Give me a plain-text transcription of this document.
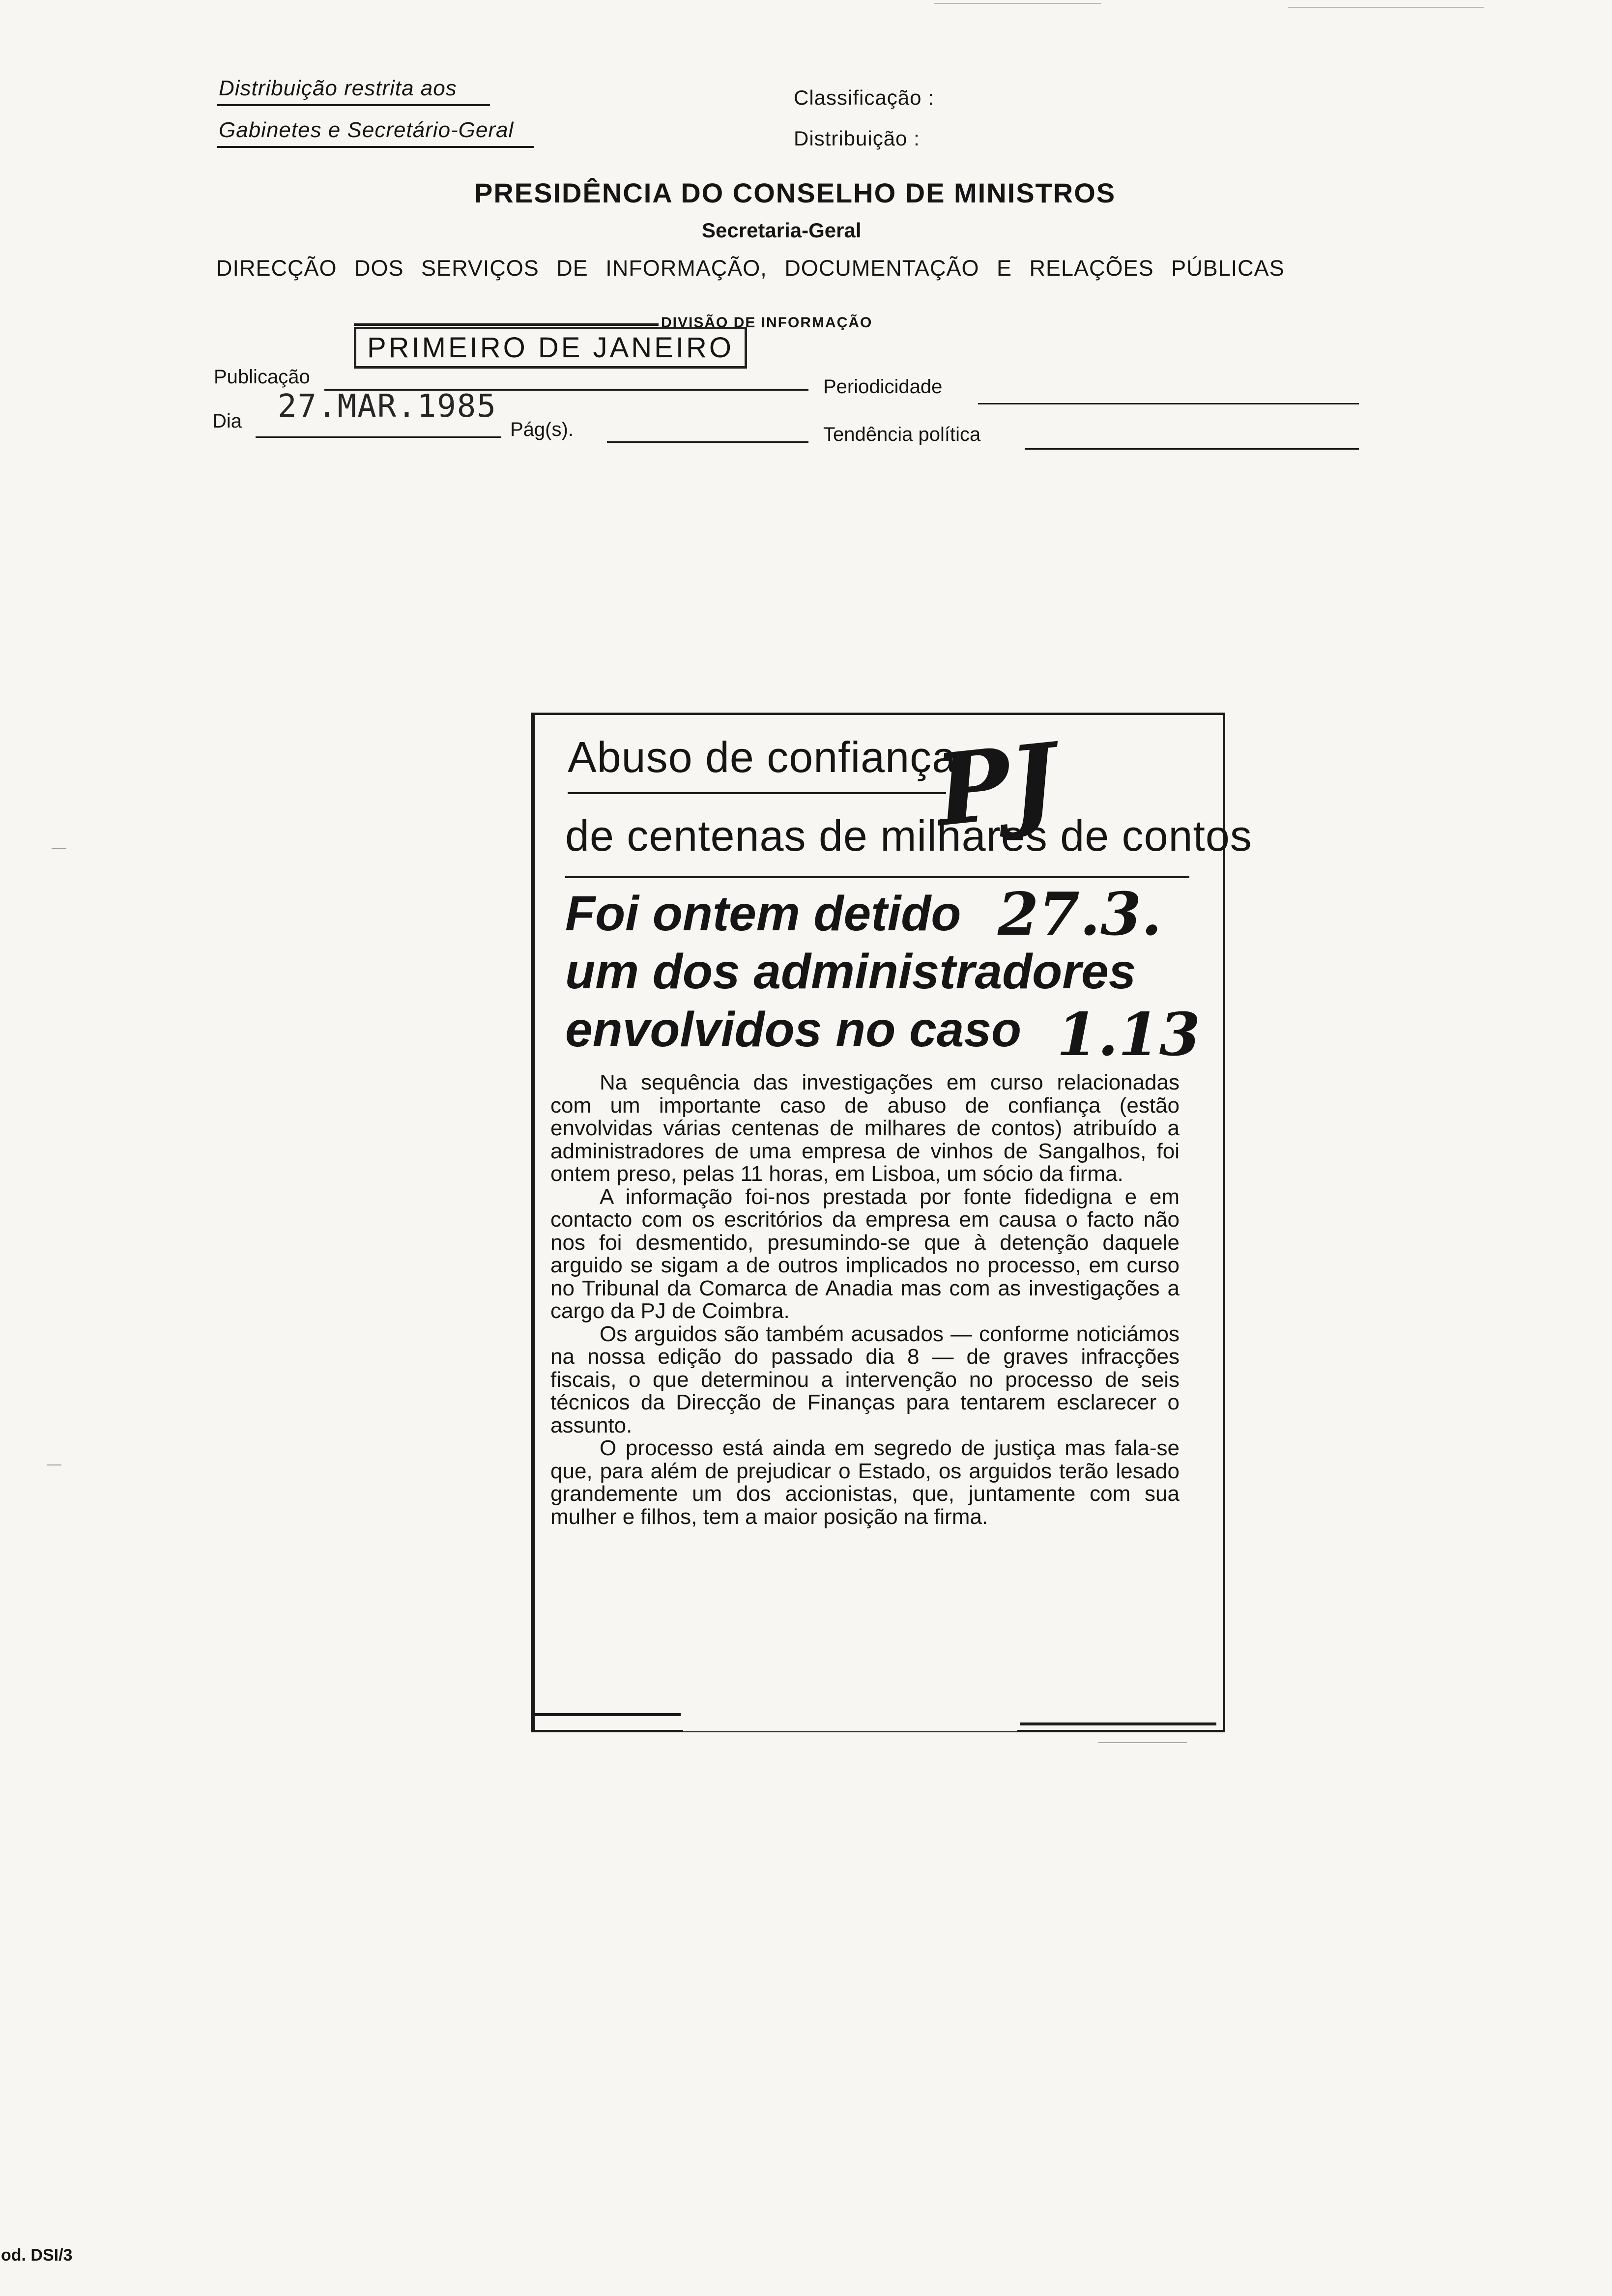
Distribuição restrita aos
Gabinetes e Secretário-Geral
Classificação :
Distribuição :
PRESIDÊNCIA DO CONSELHO DE MINISTROS
Secretaria-Geral
DIRECÇÃO DOS SERVIÇOS DE INFORMAÇÃO, DOCUMENTAÇÃO E RELAÇÕES PÚBLICAS
DIVISÃO DE INFORMAÇÃO
Publicação
PRIMEIRO DE JANEIRO
Periodicidade
Dia 27.MAR.1985
Pág(s).	Tendência política
Abuso de confiança
de centenas de milhares de contos
Foi ontem detido
um dos administradores
envolvidos no caso

Na sequência das investigações em curso relacionadas com um importante caso de abuso de confiança (estão envolvidas várias centenas de milhares de contos) atribuído a administradores de uma empresa de vinhos de Sangalhos, foi ontem preso, pelas 11 horas, em Lisboa, um sócio da firma.

A informação foi-nos prestada por fonte fidedigna e em contacto com os escritórios da empresa em causa o facto não nos foi desmentido, presumindo-se que à detenção daquele arguido se sigam a de outros implicados no processo, em curso no Tribunal da Comarca de Anadia mas com as investigações a cargo da PJ de Coimbra.

Os arguidos são também acusados — conforme noticiámos na nossa edição do passado dia 8 — de graves infracções fiscais, o que determinou a intervenção no processo de seis técnicos da Direcção de Finanças para tentarem esclarecer o assunto.

O processo está ainda em segredo de justiça mas fala-se que, para além de prejudicar o Estado, os arguidos terão lesado grandemente um dos accionistas, que, juntamente com sua mulher e filhos, tem a maior posição na firma.

PJ
27.3.
1.13
od. DSI/3
